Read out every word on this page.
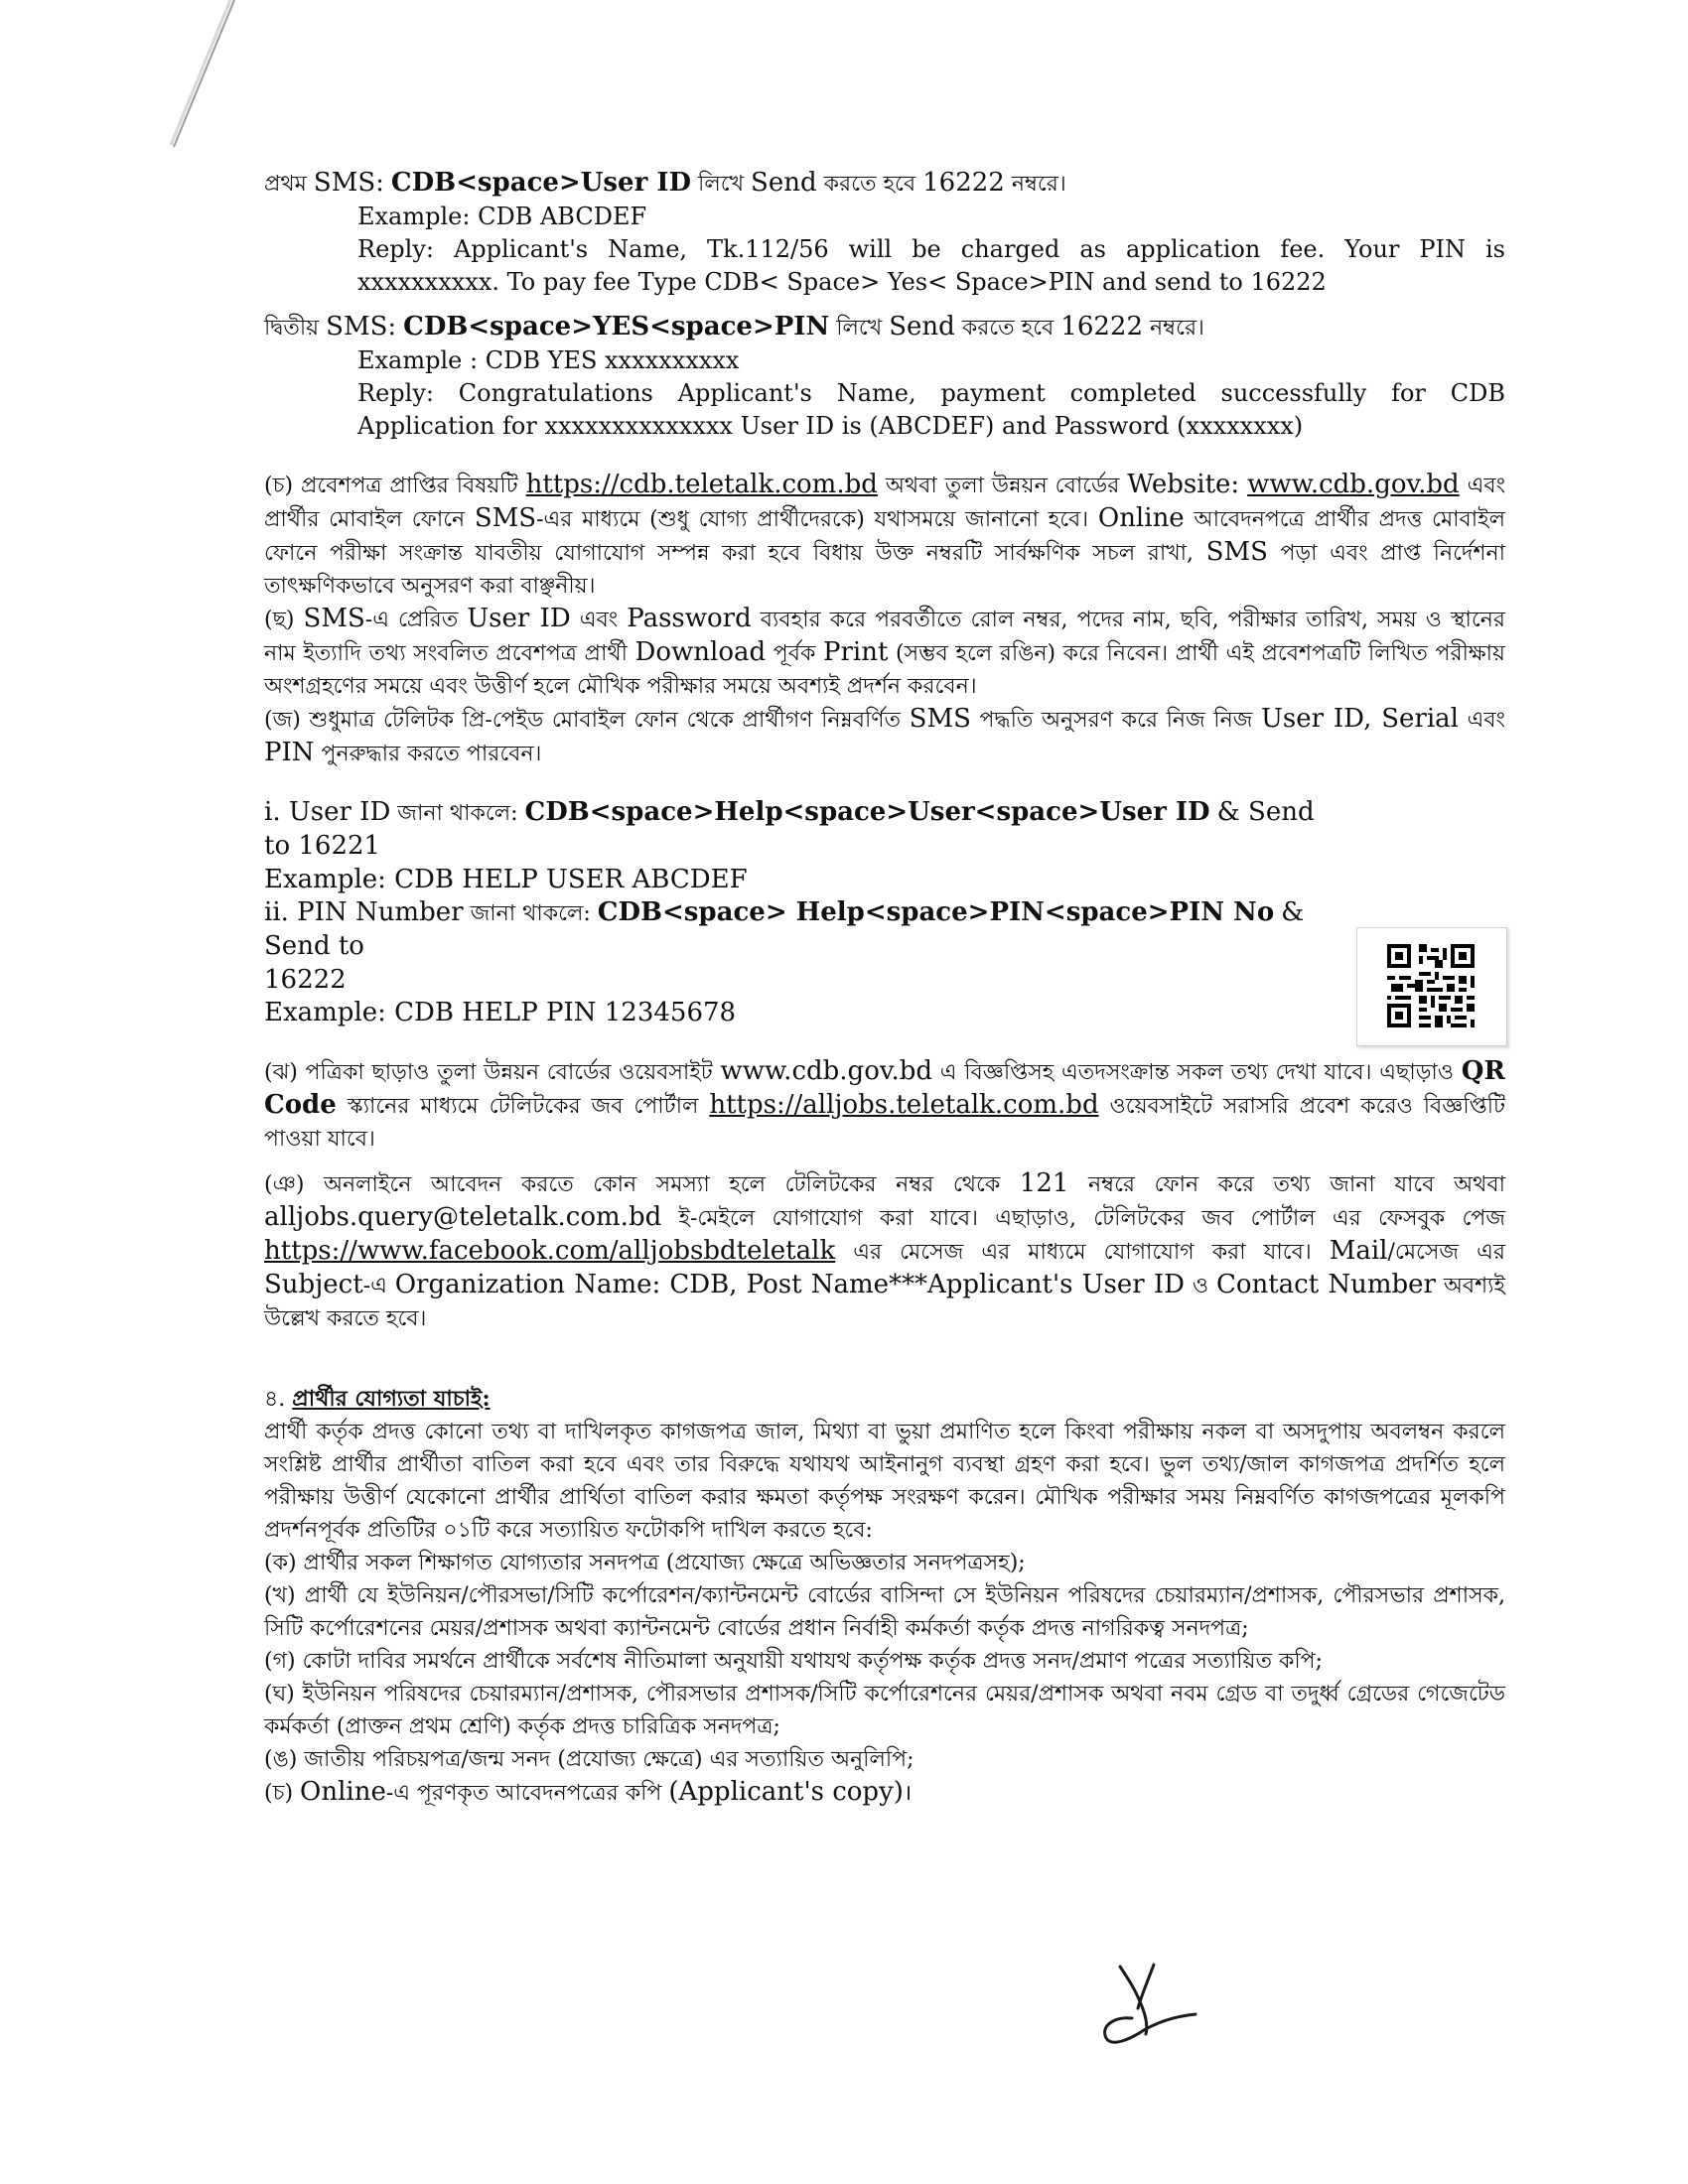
প্রথম SMS: CDB<space>User ID লিখে Send করতে হবে 16222 নম্বরে।

Example: CDB ABCDEF

Reply: Applicant's Name, Tk.112/56 will be charged as application fee. Your PIN is xxxxxxxxxx. To pay fee Type CDB< Space> Yes< Space>PIN and send to 16222

দ্বিতীয় SMS: CDB<space>YES<space>PIN লিখে Send করতে হবে 16222 নম্বরে।

Example : CDB YES xxxxxxxxxx

Reply: Congratulations Applicant's Name, payment completed successfully for CDB Application for xxxxxxxxxxxxxx User ID is (ABCDEF) and Password (xxxxxxxx)

(চ) প্রবেশপত্র প্রাপ্তির বিষয়টি https://cdb.teletalk.com.bd অথবা তুলা উন্নয়ন বোর্ডের Website: www.cdb.gov.bd এবং প্রার্থীর মোবাইল ফোনে SMS-এর মাধ্যমে (শুধু যোগ্য প্রার্থীদেরকে) যথাসময়ে জানানো হবে। Online আবেদনপত্রে প্রার্থীর প্রদত্ত মোবাইল ফোনে পরীক্ষা সংক্রান্ত যাবতীয় যোগাযোগ সম্পন্ন করা হবে বিধায় উক্ত নম্বরটি সার্বক্ষণিক সচল রাখা, SMS পড়া এবং প্রাপ্ত নির্দেশনা তাৎক্ষণিকভাবে অনুসরণ করা বাঞ্ছনীয়।

(ছ) SMS-এ প্রেরিত User ID এবং Password ব্যবহার করে পরবর্তীতে রোল নম্বর, পদের নাম, ছবি, পরীক্ষার তারিখ, সময় ও স্থানের নাম ইত্যাদি তথ্য সংবলিত প্রবেশপত্র প্রার্থী Download পূর্বক Print (সম্ভব হলে রঙিন) করে নিবেন। প্রার্থী এই প্রবেশপত্রটি লিখিত পরীক্ষায় অংশগ্রহণের সময়ে এবং উত্তীর্ণ হলে মৌখিক পরীক্ষার সময়ে অবশ্যই প্রদর্শন করবেন।

(জ) শুধুমাত্র টেলিটক প্রি-পেইড মোবাইল ফোন থেকে প্রার্থীগণ নিম্নবর্ণিত SMS পদ্ধতি অনুসরণ করে নিজ নিজ User ID, Serial এবং PIN পুনরুদ্ধার করতে পারবেন।

i. User ID জানা থাকলে: CDB<space>Help<space>User<space>User ID & Send to 16221

Example: CDB HELP USER ABCDEF

ii. PIN Number জানা থাকলে: CDB<space> Help<space>PIN<space>PIN No & Send to

16222

Example: CDB HELP PIN 12345678

(ঝ) পত্রিকা ছাড়াও তুলা উন্নয়ন বোর্ডের ওয়েবসাইট www.cdb.gov.bd এ বিজ্ঞপ্তিসহ এতদসংক্রান্ত সকল তথ্য দেখা যাবে। এছাড়াও QR Code স্ক্যানের মাধ্যমে টেলিটকের জব পোর্টাল https://alljobs.teletalk.com.bd ওয়েবসাইটে সরাসরি প্রবেশ করেও বিজ্ঞপ্তিটি পাওয়া যাবে।

(ঞ) অনলাইনে আবেদন করতে কোন সমস্যা হলে টেলিটকের নম্বর থেকে 121 নম্বরে ফোন করে তথ্য জানা যাবে অথবা alljobs.query@teletalk.com.bd ই-মেইলে যোগাযোগ করা যাবে। এছাড়াও, টেলিটকের জব পোর্টাল এর ফেসবুক পেজ https://www.facebook.com/alljobsbdteletalk এর মেসেজ এর মাধ্যমে যোগাযোগ করা যাবে। Mail/মেসেজ এর Subject-এ Organization Name: CDB, Post Name***Applicant's User ID ও Contact Number অবশ্যই উল্লেখ করতে হবে।

৪. প্রার্থীর যোগ্যতা যাচাই:

প্রার্থী কর্তৃক প্রদত্ত কোনো তথ্য বা দাখিলকৃত কাগজপত্র জাল, মিথ্যা বা ভুয়া প্রমাণিত হলে কিংবা পরীক্ষায় নকল বা অসদুপায় অবলম্বন করলে সংশ্লিষ্ট প্রার্থীর প্রার্থীতা বাতিল করা হবে এবং তার বিরুদ্ধে যথাযথ আইনানুগ ব্যবস্থা গ্রহণ করা হবে। ভুল তথ্য/জাল কাগজপত্র প্রদর্শিত হলে পরীক্ষায় উত্তীর্ণ যেকোনো প্রার্থীর প্রার্থিতা বাতিল করার ক্ষমতা কর্তৃপক্ষ সংরক্ষণ করেন। মৌখিক পরীক্ষার সময় নিম্নবর্ণিত কাগজপত্রের মূলকপি প্রদর্শনপূর্বক প্রতিটির ০১টি করে সত্যায়িত ফটোকপি দাখিল করতে হবে:

(ক) প্রার্থীর সকল শিক্ষাগত যোগ্যতার সনদপত্র (প্রযোজ্য ক্ষেত্রে অভিজ্ঞতার সনদপত্রসহ);

(খ) প্রার্থী যে ইউনিয়ন/পৌরসভা/সিটি কর্পোরেশন/ক্যান্টনমেন্ট বোর্ডের বাসিন্দা সে ইউনিয়ন পরিষদের চেয়ারম্যান/প্রশাসক, পৌরসভার প্রশাসক, সিটি কর্পোরেশনের মেয়র/প্রশাসক অথবা ক্যান্টনমেন্ট বোর্ডের প্রধান নির্বাহী কর্মকর্তা কর্তৃক প্রদত্ত নাগরিকত্ব সনদপত্র;

(গ) কোটা দাবির সমর্থনে প্রার্থীকে সর্বশেষ নীতিমালা অনুযায়ী যথাযথ কর্তৃপক্ষ কর্তৃক প্রদত্ত সনদ/প্রমাণ পত্রের সত্যায়িত কপি;

(ঘ) ইউনিয়ন পরিষদের চেয়ারম্যান/প্রশাসক, পৌরসভার প্রশাসক/সিটি কর্পোরেশনের মেয়র/প্রশাসক অথবা নবম গ্রেড বা তদুর্ধ্ব গ্রেডের গেজেটেড কর্মকর্তা (প্রাক্তন প্রথম শ্রেণি) কর্তৃক প্রদত্ত চারিত্রিক সনদপত্র;

(ঙ) জাতীয় পরিচয়পত্র/জন্ম সনদ (প্রযোজ্য ক্ষেত্রে) এর সত্যায়িত অনুলিপি;

(চ) Online-এ পূরণকৃত আবেদনপত্রের কপি (Applicant's copy)।
